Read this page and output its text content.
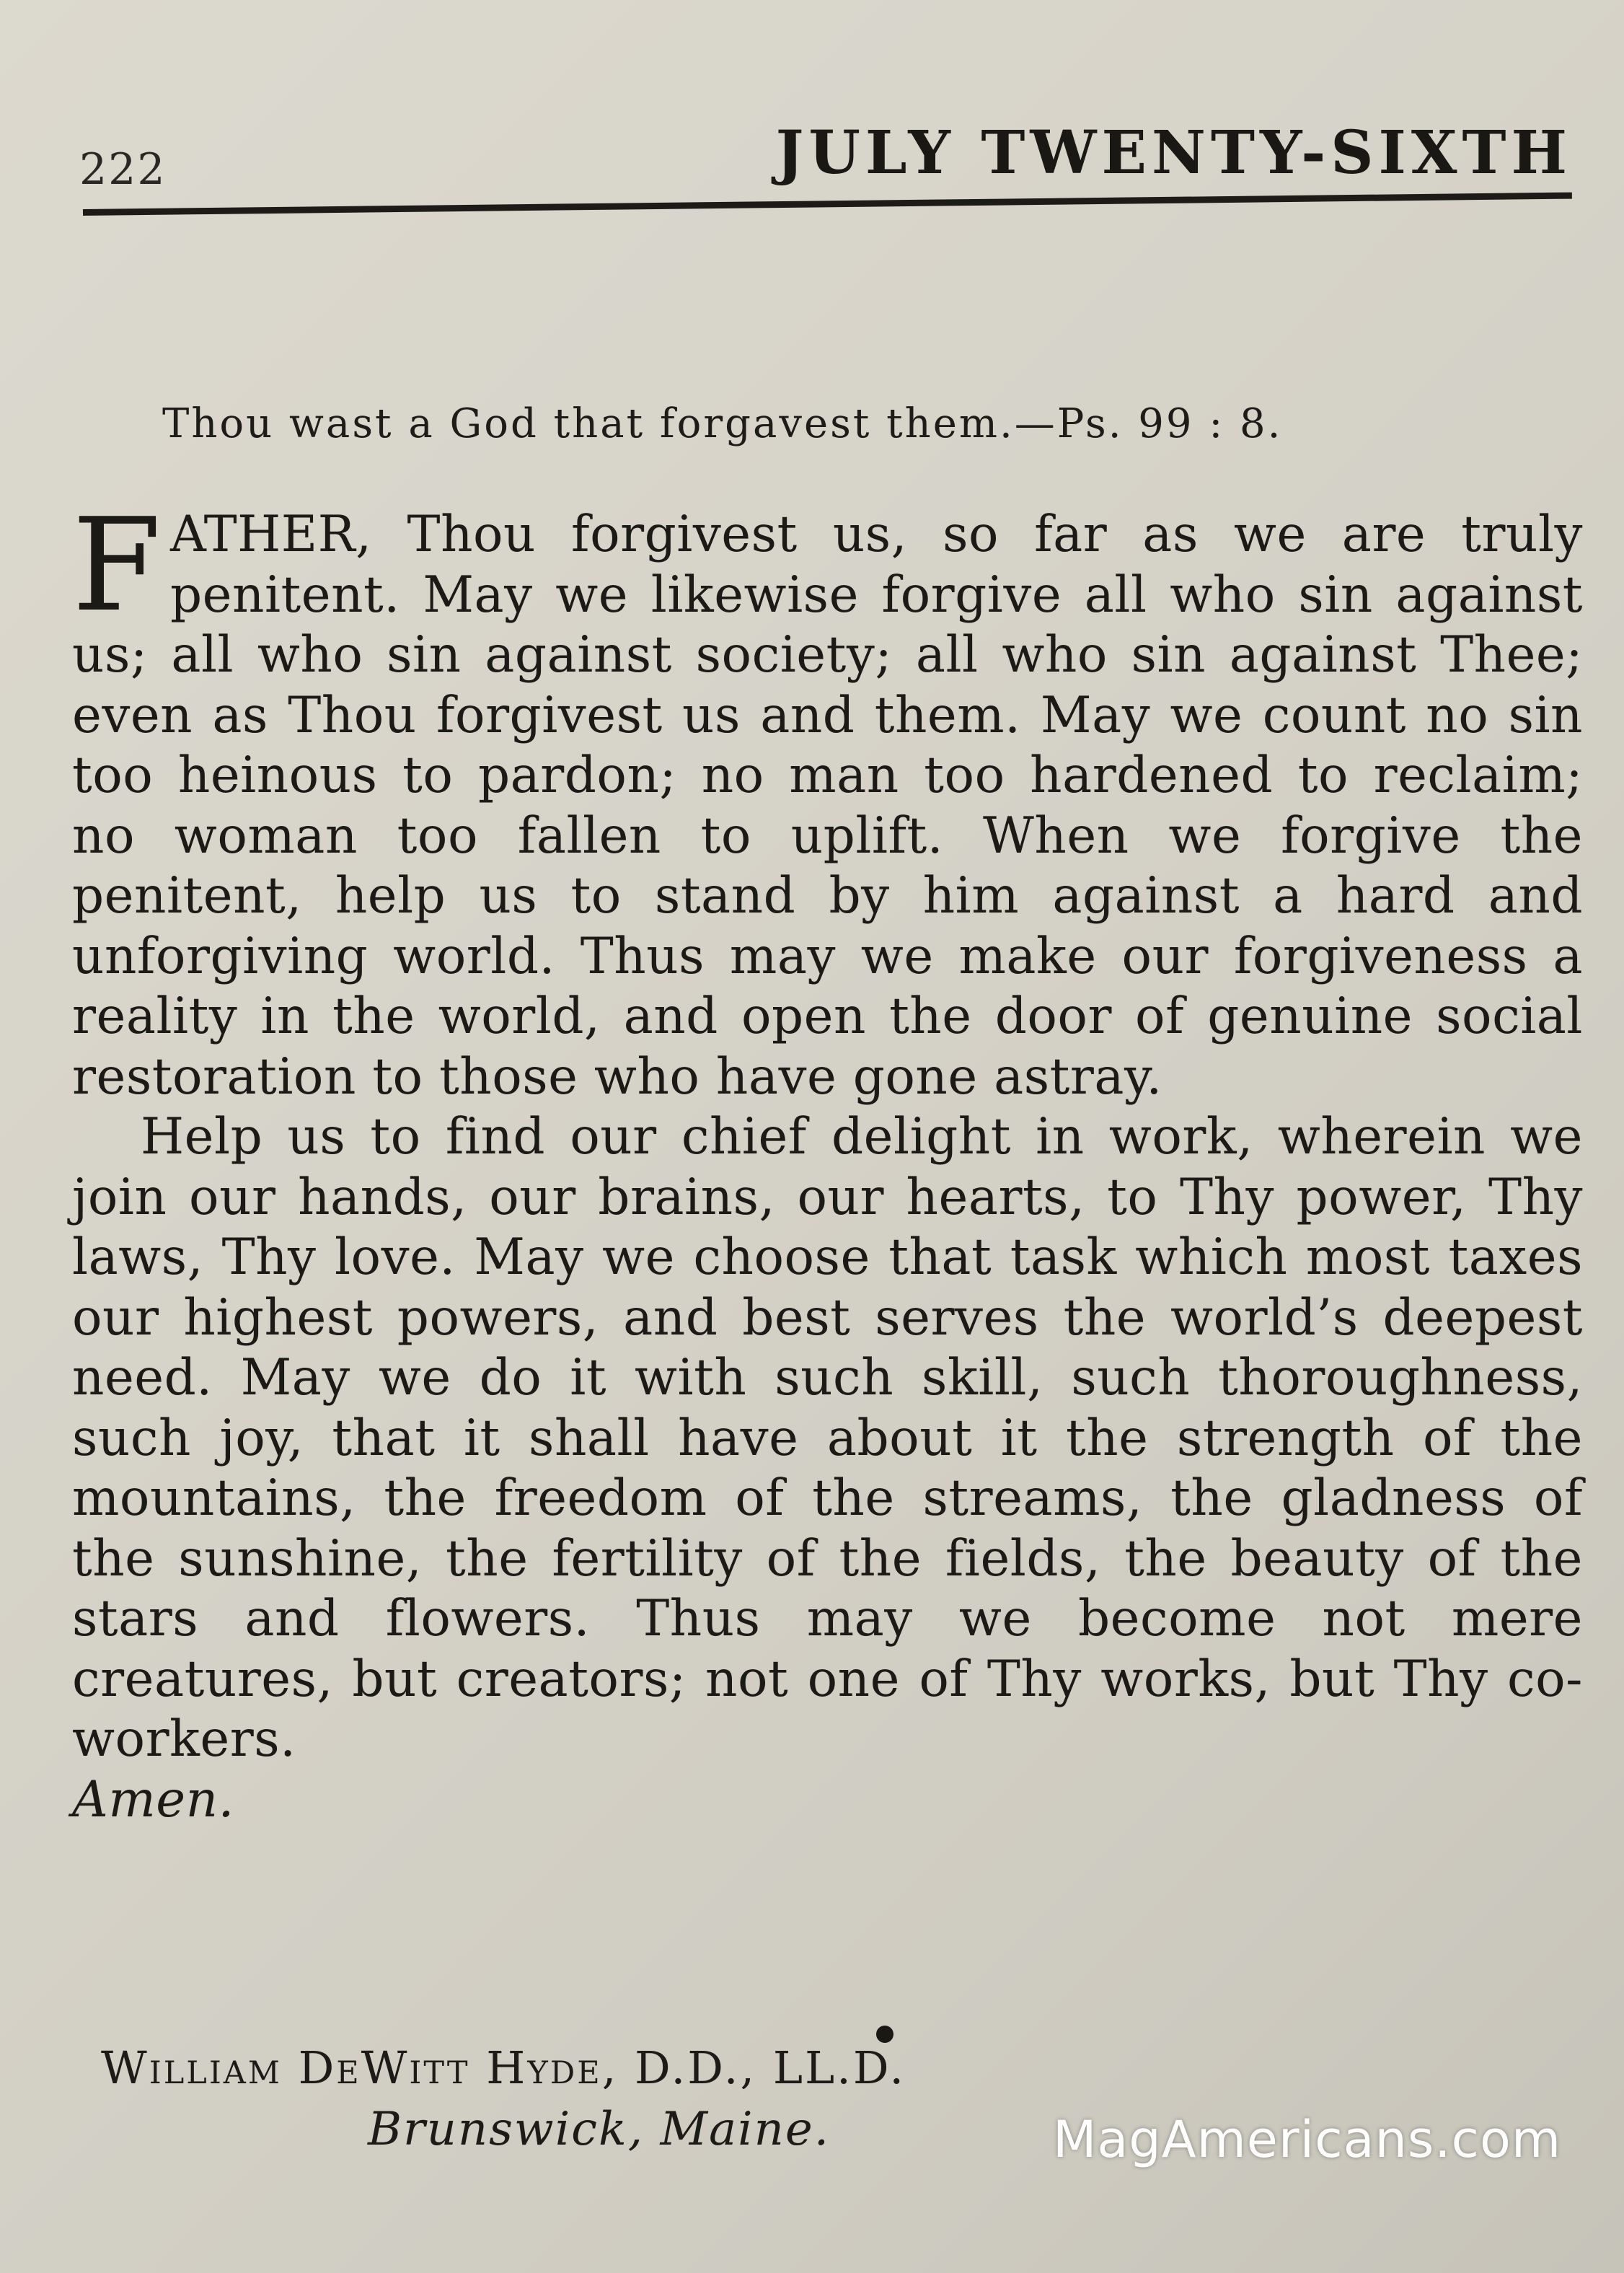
222	JULY TWENTY-SIXTH
Thou wast a God that forgavest them.—Ps. 99 : 8.

FATHER, Thou forgivest us, so far as we are truly penitent. May we likewise forgive all who sin against us; all who sin against society; all who sin against Thee; even as Thou forgivest us and them. May we count no sin too heinous to pardon; no man too hardened to reclaim; no woman too fallen to uplift. When we forgive the penitent, help us to stand by him against a hard and unforgiving world. Thus may we make our forgiveness a reality in the world, and open the door of genuine social restoration to those who have gone astray.

Help us to find our chief delight in work, wherein we join our hands, our brains, our hearts, to Thy power, Thy laws, Thy love. May we choose that task which most taxes our highest powers, and best serves the world’s deepest need. May we do it with such skill, such thoroughness, such joy, that it shall have about it the strength of the mountains, the freedom of the streams, the gladness of the sunshine, the fertility of the fields, the beauty of the stars and flowers. Thus may we become not mere creatures, but creators; not one of Thy works, but Thy co-workers.
Amen.

William DeWitt Hyde, D.D., LL.D.
Brunswick, Maine.	MagAmericans.com
